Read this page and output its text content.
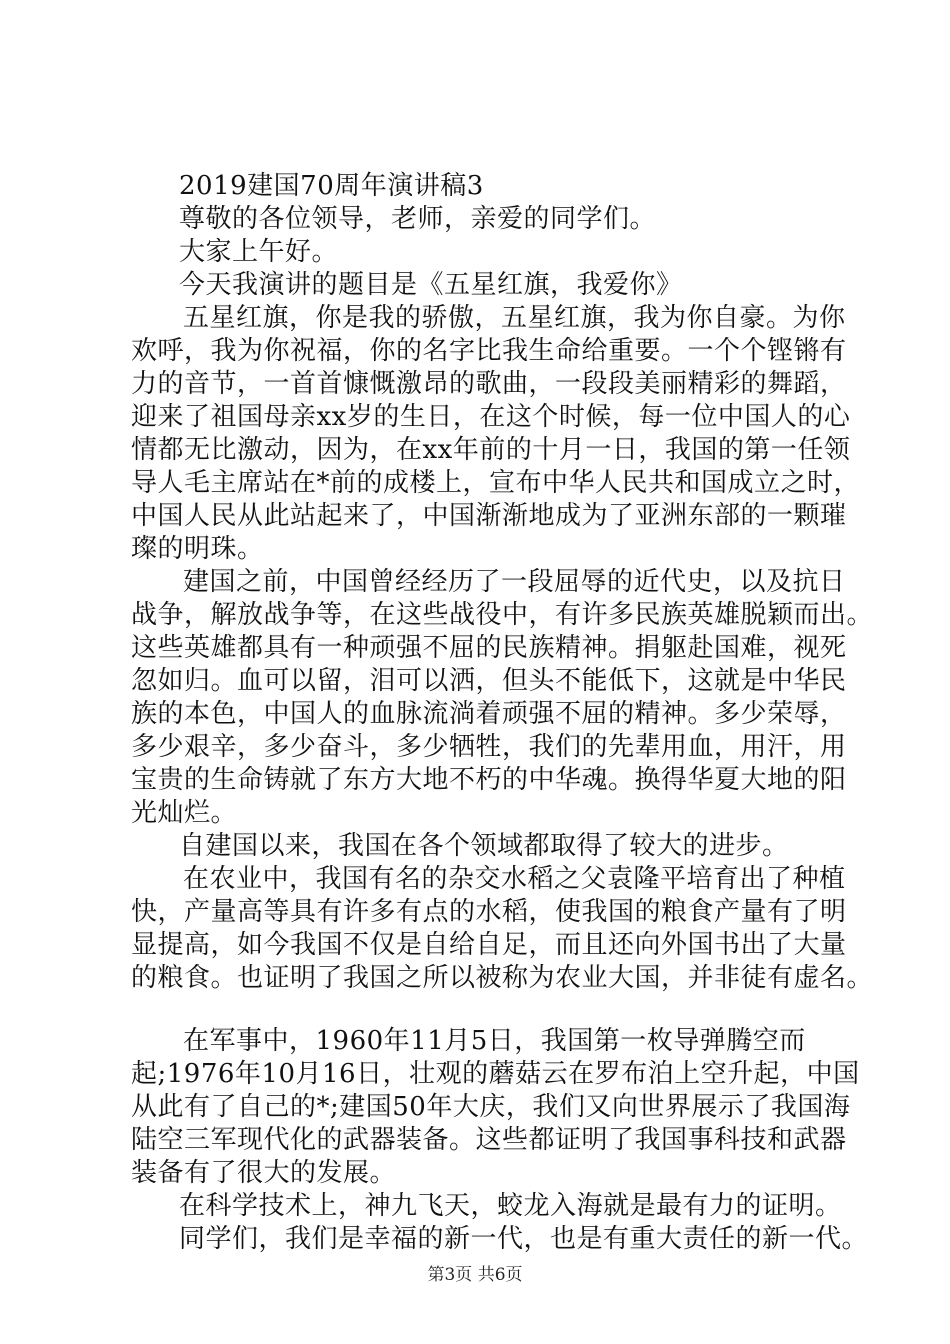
2019建国70周年演讲稿3
尊敬的各位领导，老师，亲爱的同学们。
大家上午好。
今天我演讲的题目是《五星红旗，我爱你》
五星红旗，你是我的骄傲，五星红旗，我为你自豪。为你
欢呼，我为你祝福，你的名字比我生命给重要。一个个铿锵有
力的音节，一首首慷慨激昂的歌曲，一段段美丽精彩的舞蹈，
迎来了祖国母亲xx岁的生日，在这个时候，每一位中国人的心
情都无比激动，因为，在xx年前的十月一日，我国的第一任领
导人毛主席站在*前的成楼上，宣布中华人民共和国成立之时，
中国人民从此站起来了，中国渐渐地成为了亚洲东部的一颗璀
璨的明珠。
建国之前，中国曾经经历了一段屈辱的近代史，以及抗日
战争，解放战争等，在这些战役中，有许多民族英雄脱颖而出。
这些英雄都具有一种顽强不屈的民族精神。捐躯赴国难，视死
忽如归。血可以留，泪可以洒，但头不能低下，这就是中华民
族的本色，中国人的血脉流淌着顽强不屈的精神。多少荣辱，
多少艰辛，多少奋斗，多少牺牲，我们的先辈用血，用汗，用
宝贵的生命铸就了东方大地不朽的中华魂。换得华夏大地的阳
光灿烂。
自建国以来，我国在各个领域都取得了较大的进步。
在农业中，我国有名的杂交水稻之父袁隆平培育出了种植
快，产量高等具有许多有点的水稻，使我国的粮食产量有了明
显提高，如今我国不仅是自给自足，而且还向外国书出了大量
的粮食。也证明了我国之所以被称为农业大国，并非徒有虚名。
在军事中，1960年11月5日，我国第一枚导弹腾空而
起;1976年10月16日，壮观的蘑菇云在罗布泊上空升起，中国
从此有了自己的*;建国50年大庆，我们又向世界展示了我国海
陆空三军现代化的武器装备。这些都证明了我国事科技和武器
装备有了很大的发展。
在科学技术上，神九飞天，蛟龙入海就是最有力的证明。
同学们，我们是幸福的新一代，也是有重大责任的新一代。
第3页 共6页
